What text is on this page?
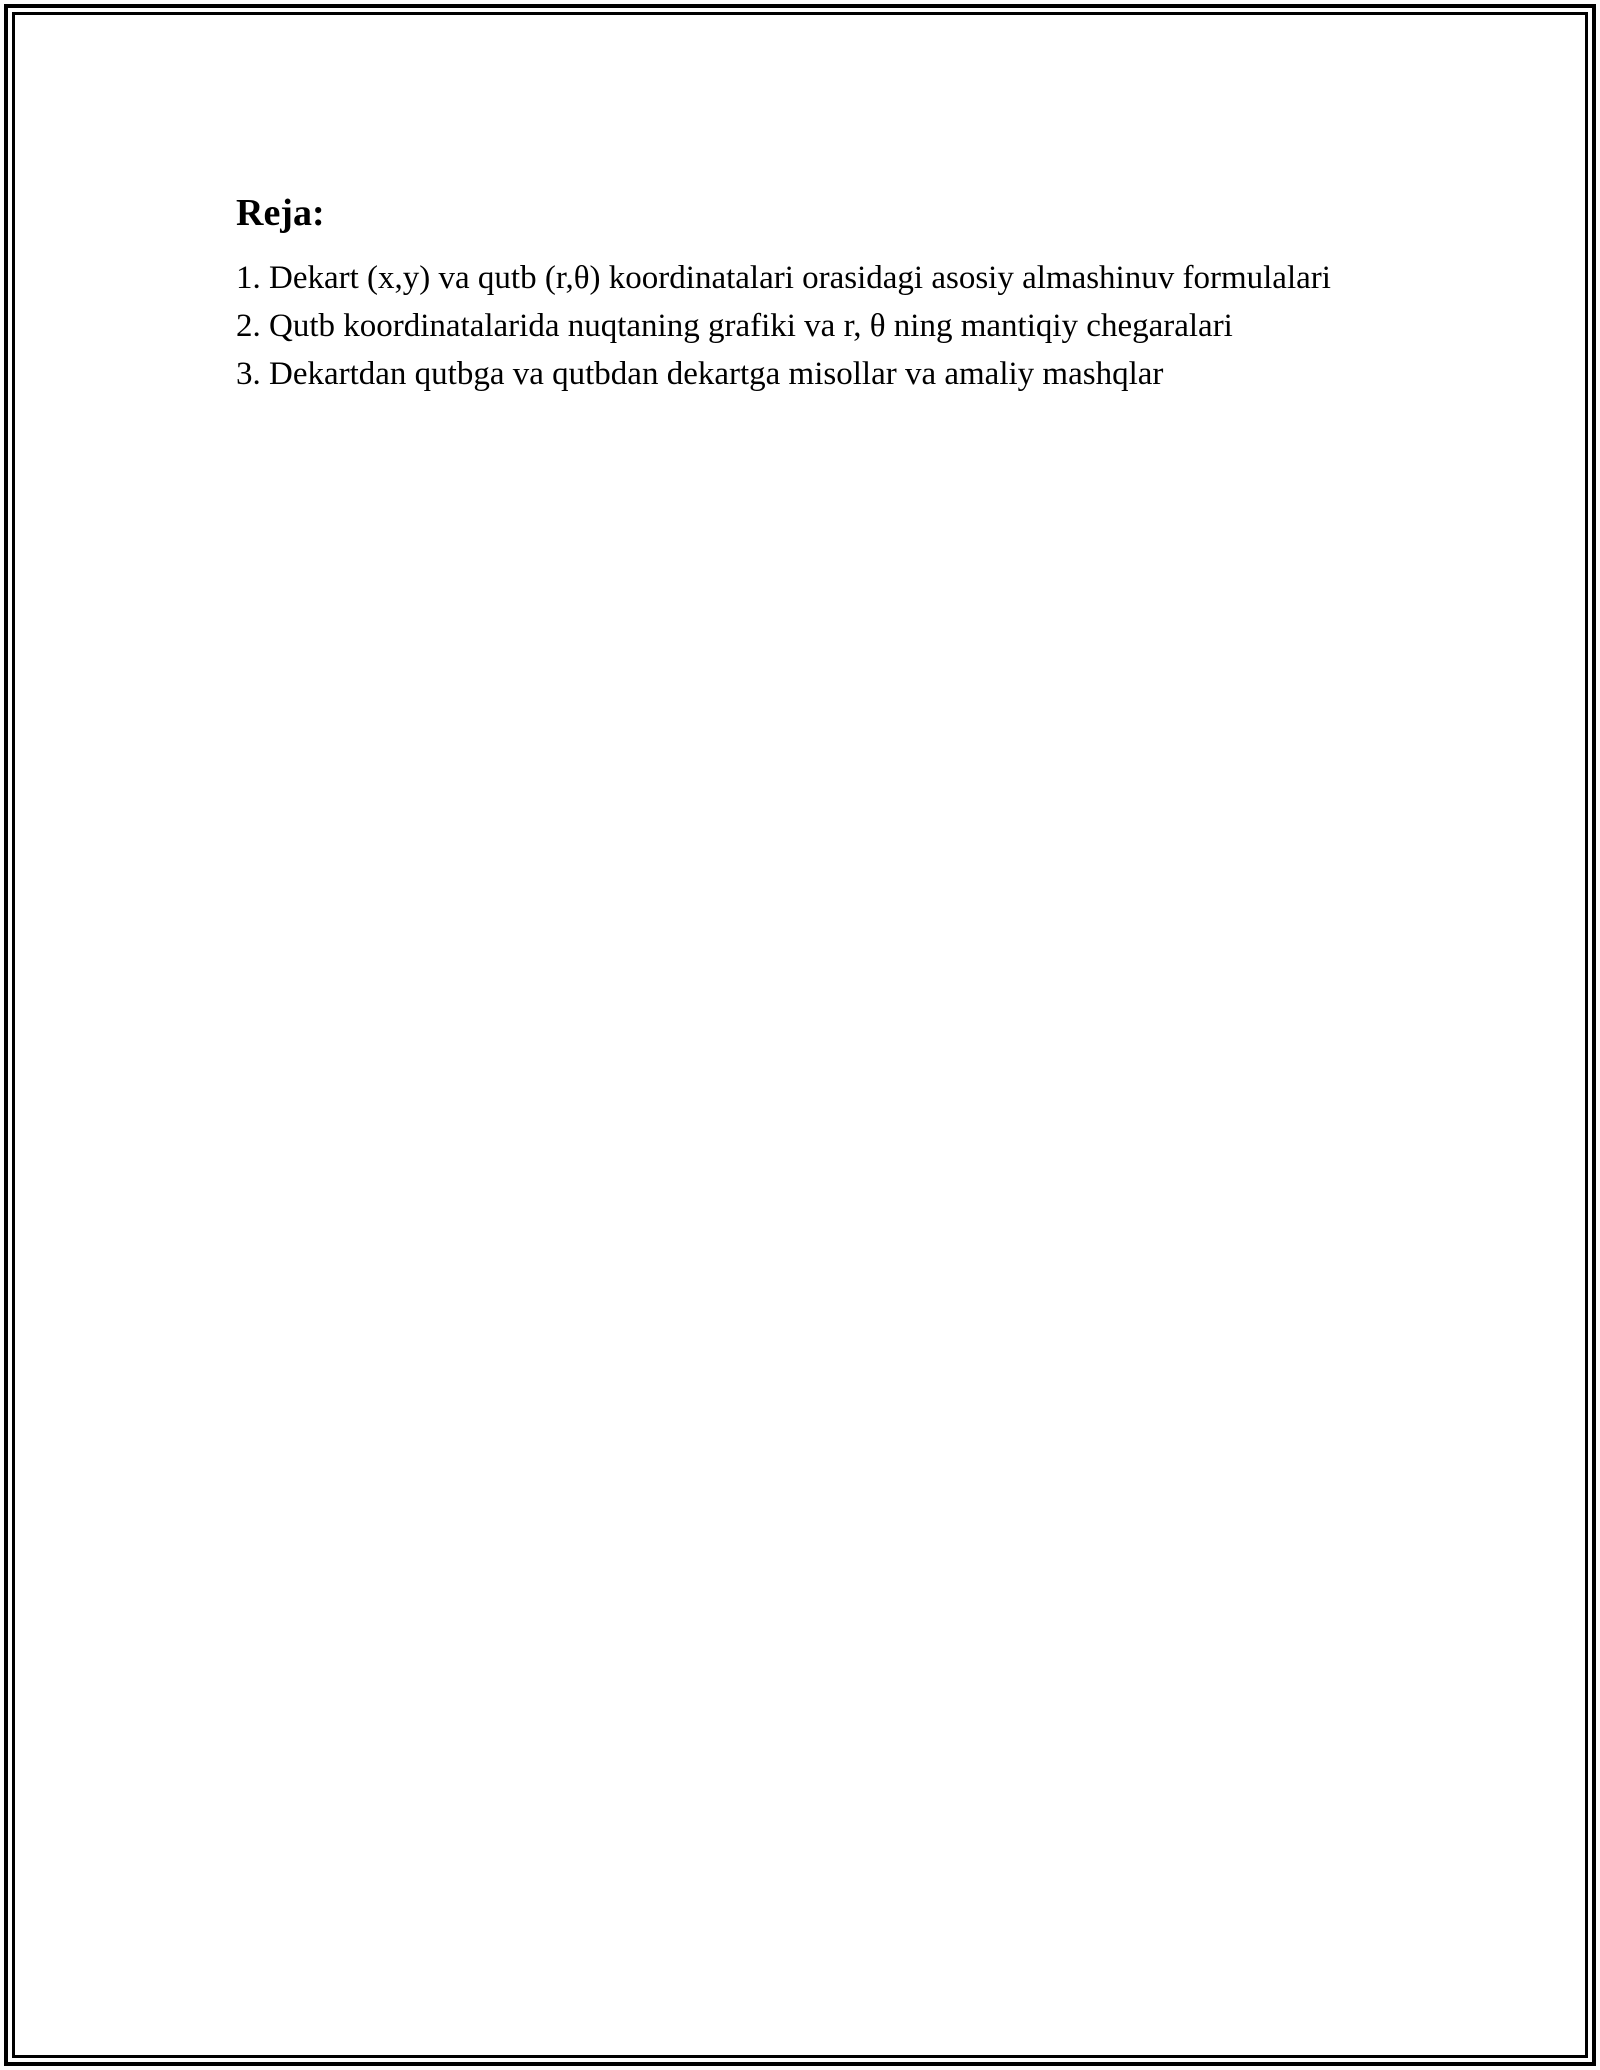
Reja:
1. Dekart (x,y) va qutb (r,θ) koordinatalari orasidagi asosiy almashinuv formulalari
2. Qutb koordinatalarida nuqtaning grafiki va r, θ ning mantiqiy chegaralari
3. Dekartdan qutbga va qutbdan dekartga misollar va amaliy mashqlar
